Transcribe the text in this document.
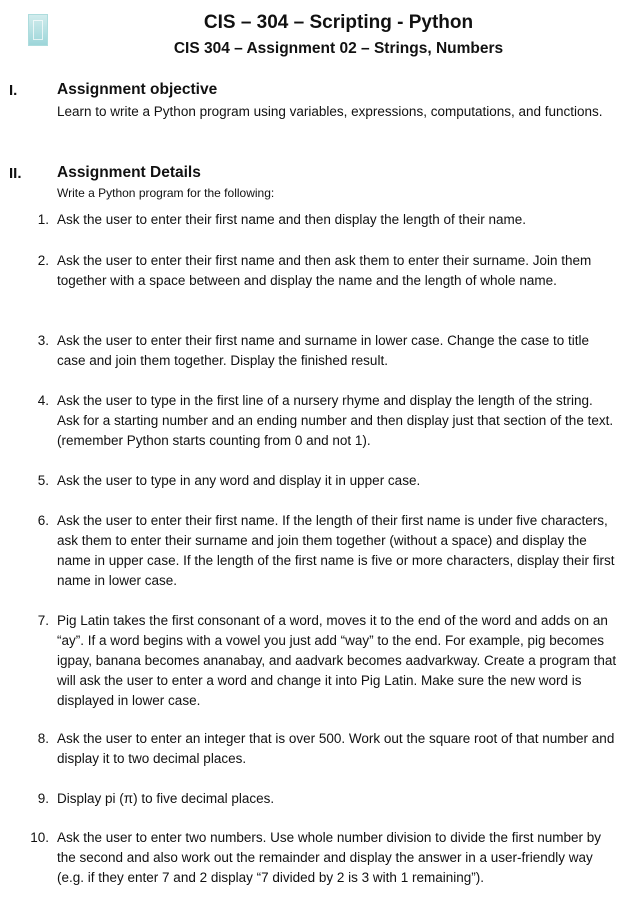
CIS – 304 – Scripting - Python
CIS 304 – Assignment 02 – Strings, Numbers
I.	Assignment objective
Learn to write a Python program using variables, expressions, computations, and functions.
II. Assignment Details
Write a Python program for the following:
1. Ask the user to enter their first name and then display the length of their name.

2. Ask the user to enter their first name and then ask them to enter their surname. Join them together with a space between and display the name and the length of whole name.

3. Ask the user to enter their first name and surname in lower case. Change the case to title case and join them together. Display the finished result.

4. Ask the user to type in the first line of a nursery rhyme and display the length of the string. Ask for a starting number and an ending number and then display just that section of the text. (remember Python starts counting from 0 and not 1).

5. Ask the user to type in any word and display it in upper case.

6. Ask the user to enter their first name. If the length of their first name is under five characters, ask them to enter their surname and join them together (without a space) and display the name in upper case. If the length of the first name is five or more characters, display their first name in lower case.

7. Pig Latin takes the first consonant of a word, moves it to the end of the word and adds on an “ay”. If a word begins with a vowel you just add “way” to the end. For example, pig becomes igpay, banana becomes ananabay, and aadvark becomes aadvarkway. Create a program that will ask the user to enter a word and change it into Pig Latin. Make sure the new word is displayed in lower case.

8. Ask the user to enter an integer that is over 500. Work out the square root of that number and display it to two decimal places.

9. Display pi (π) to five decimal places.

10. Ask the user to enter two numbers. Use whole number division to divide the first number by the second and also work out the remainder and display the answer in a user-friendly way (e.g. if they enter 7 and 2 display “7 divided by 2 is 3 with 1 remaining”).
